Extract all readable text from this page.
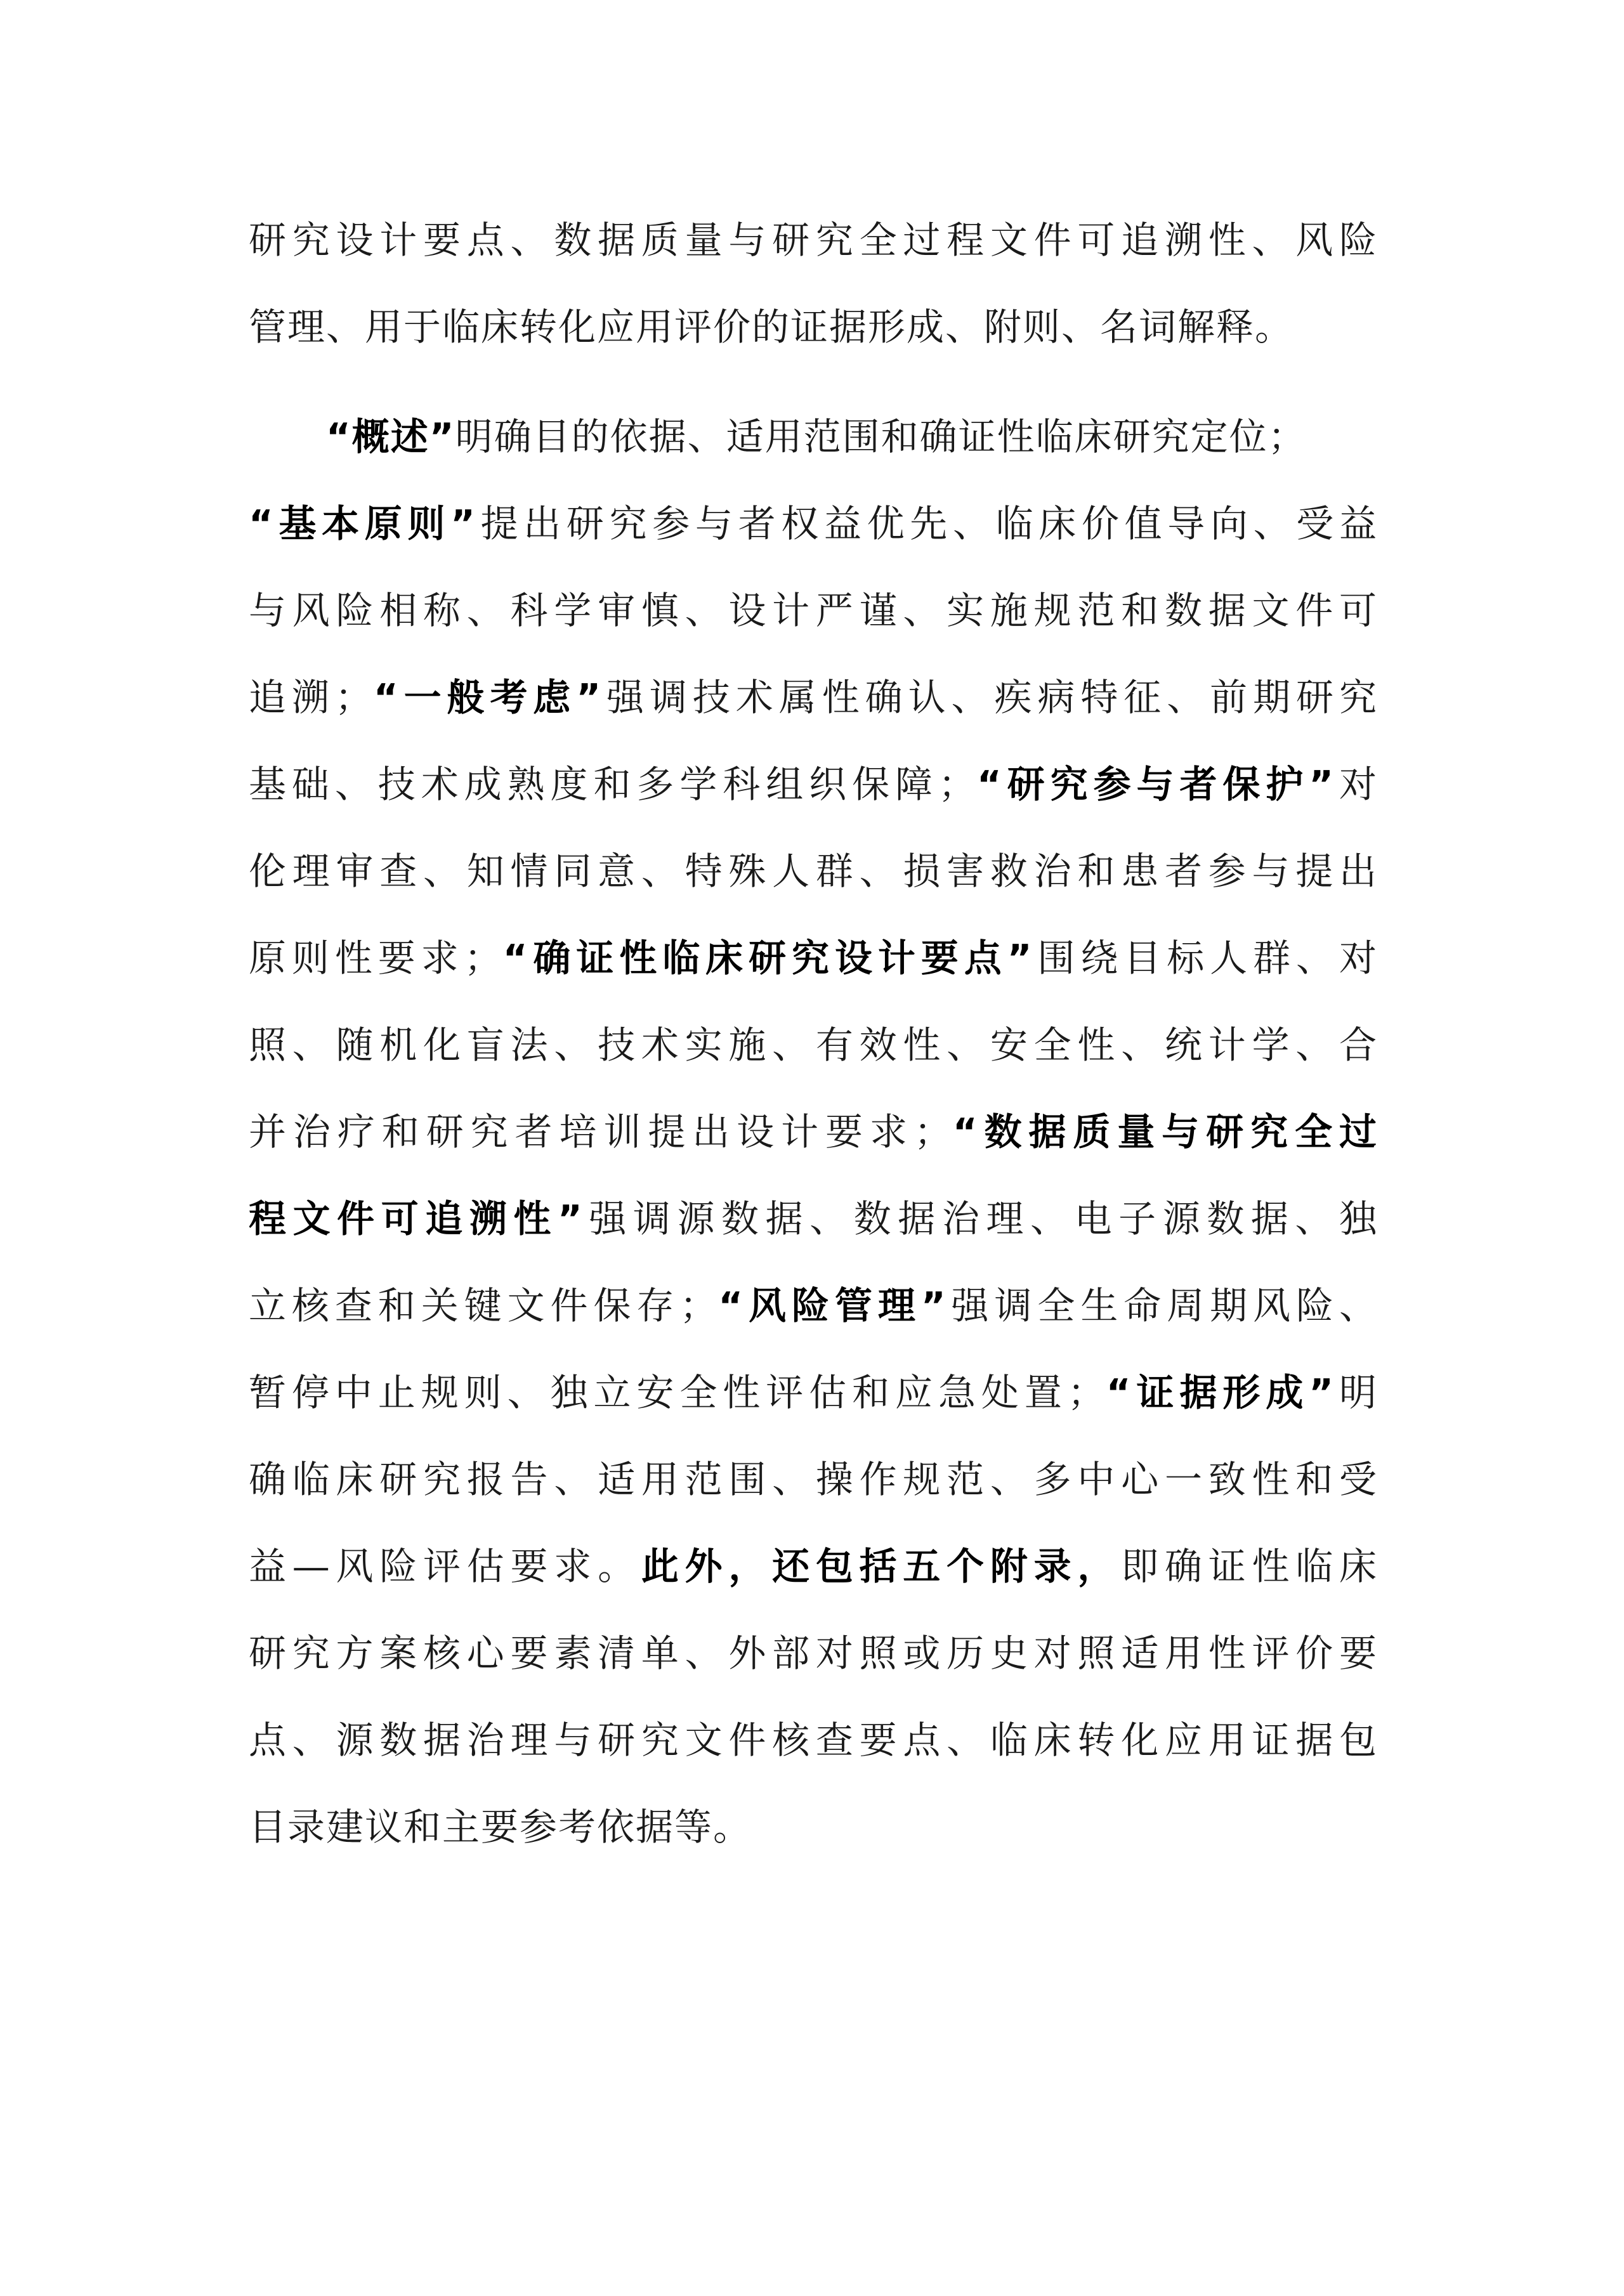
研究设计要点、数据质量与研究全过程文件可追溯性、风险
管理、用于临床转化应用评价的证据形成、附则、名词解释。
“概述”明确目的依据、适用范围和确证性临床研究定位；
“基本原则”提出研究参与者权益优先、临床价值导向、受益
与风险相称、科学审慎、设计严谨、实施规范和数据文件可
追溯；“一般考虑”强调技术属性确认、疾病特征、前期研究
基础、技术成熟度和多学科组织保障；“研究参与者保护”对
伦理审查、知情同意、特殊人群、损害救治和患者参与提出
原则性要求；“确证性临床研究设计要点”围绕目标人群、对
照、随机化盲法、技术实施、有效性、安全性、统计学、合
并治疗和研究者培训提出设计要求；“数据质量与研究全过
程文件可追溯性”强调源数据、数据治理、电子源数据、独
立核查和关键文件保存；“风险管理”强调全生命周期风险、
暂停中止规则、独立安全性评估和应急处置；“证据形成”明
确临床研究报告、适用范围、操作规范、多中心一致性和受
益—风险评估要求。此外，还包括五个附录，即确证性临床
研究方案核心要素清单、外部对照或历史对照适用性评价要
点、源数据治理与研究文件核查要点、临床转化应用证据包
目录建议和主要参考依据等。
